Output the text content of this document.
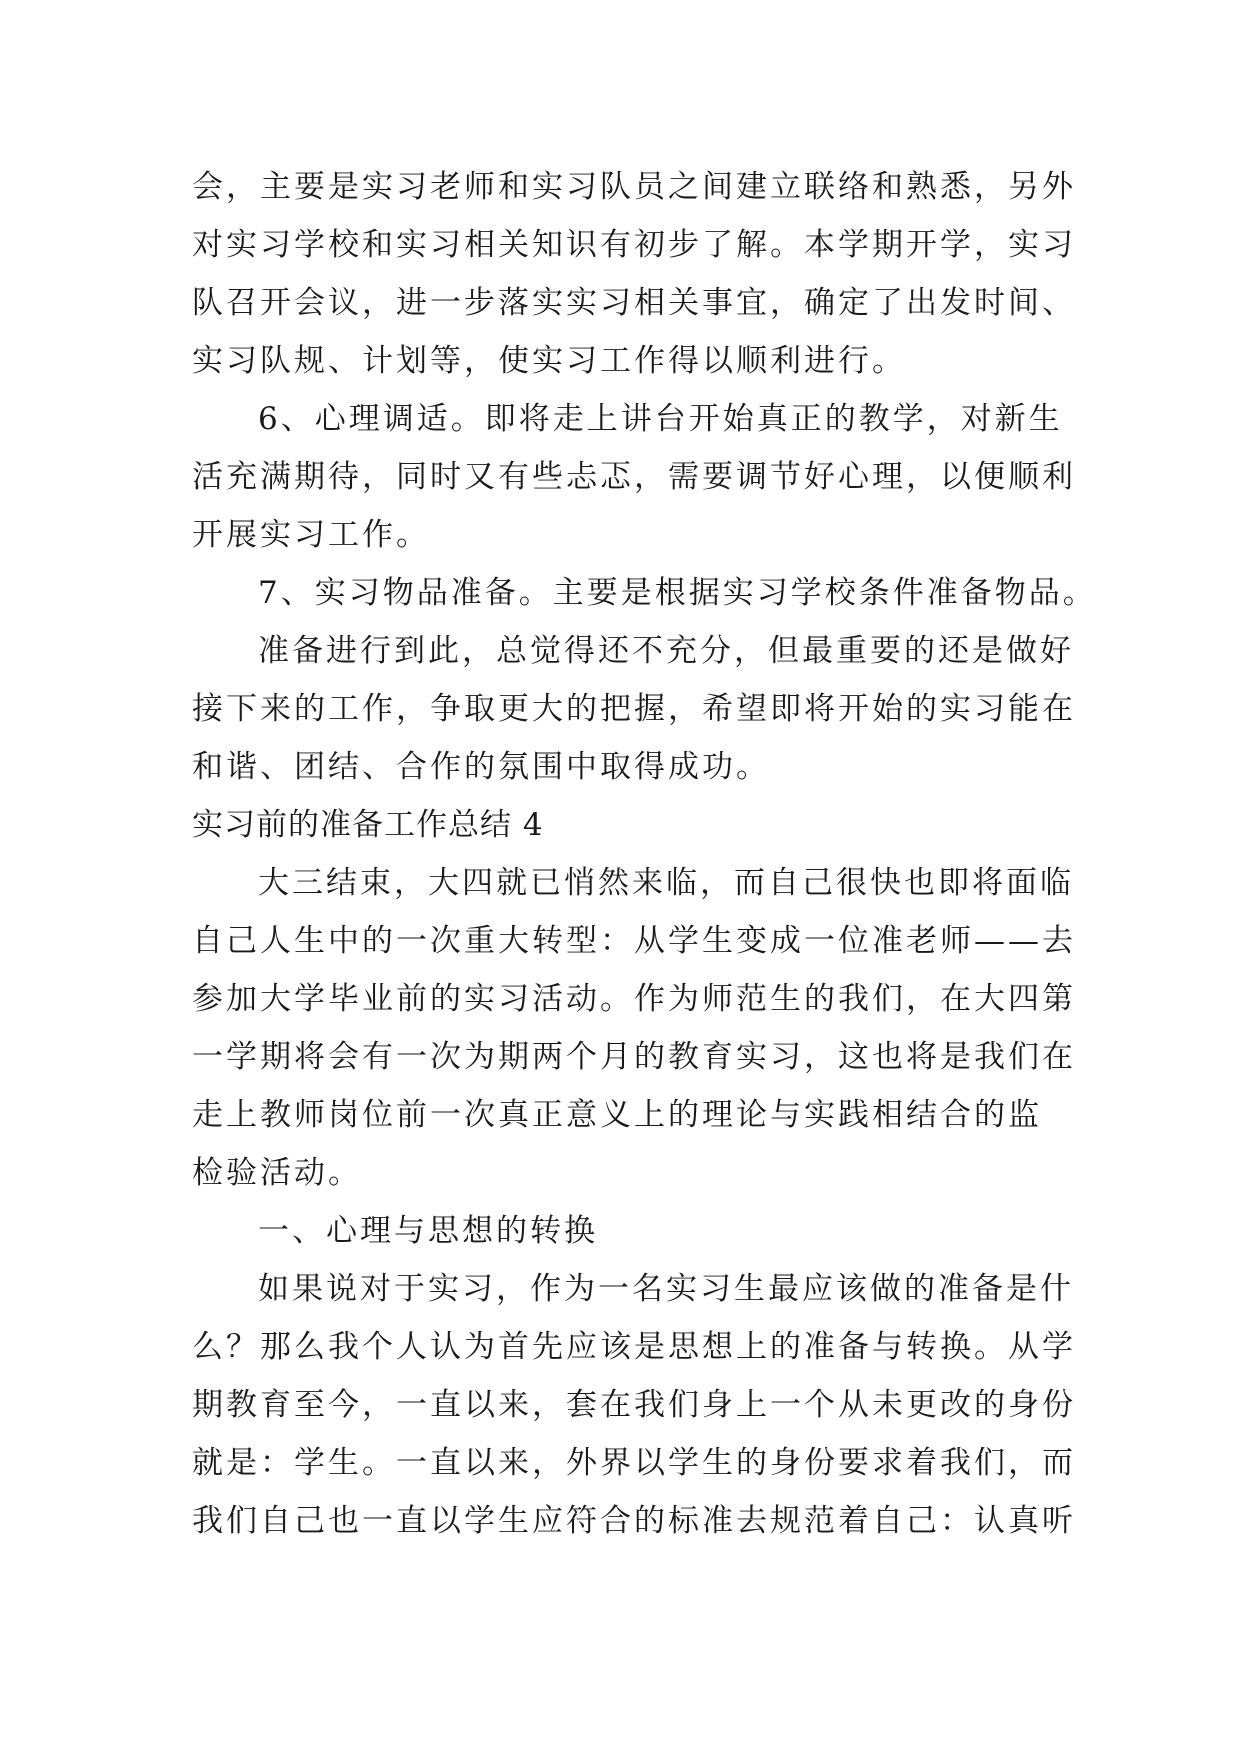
会，主要是实习老师和实习队员之间建立联络和熟悉，另外
对实习学校和实习相关知识有初步了解。本学期开学，实习
队召开会议，进一步落实实习相关事宜，确定了出发时间、
实习队规、计划等，使实习工作得以顺利进行。
6、心理调适。即将走上讲台开始真正的教学，对新生
活充满期待，同时又有些忐忑，需要调节好心理，以便顺利
开展实习工作。
7、实习物品准备。主要是根据实习学校条件准备物品。
准备进行到此，总觉得还不充分，但最重要的还是做好
接下来的工作，争取更大的把握，希望即将开始的实习能在
和谐、团结、合作的氛围中取得成功。
实习前的准备工作总结 4
大三结束，大四就已悄然来临，而自己很快也即将面临
自己人生中的一次重大转型：从学生变成一位准老师——去
参加大学毕业前的实习活动。作为师范生的我们，在大四第
一学期将会有一次为期两个月的教育实习，这也将是我们在
走上教师岗位前一次真正意义上的理论与实践相结合的监
检验活动。
一、心理与思想的转换
如果说对于实习，作为一名实习生最应该做的准备是什
么？那么我个人认为首先应该是思想上的准备与转换。从学
期教育至今，一直以来，套在我们身上一个从未更改的身份
就是：学生。一直以来，外界以学生的身份要求着我们，而
我们自己也一直以学生应符合的标准去规范着自己：认真听
